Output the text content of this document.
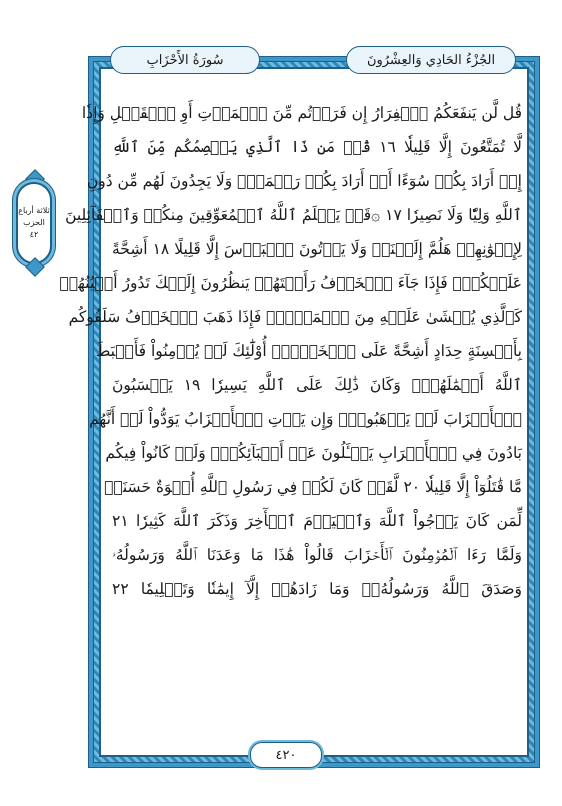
سُورَةُ الأَحْزَابِ	الجُزْءُ الحَادِي وَالعِشْرُونَ
ثلاثة أرباع
الحزب
٤٢
قُل لَّن يَنفَعَكُمُ ٱلۡفِرَارُ إِن فَرَرۡتُم مِّنَ ٱلۡمَوۡتِ أَوِ ٱلۡقَتۡلِ وَإِذٗا
لَّا تُمَتَّعُونَ إِلَّا قَلِيلٗا ١٦ قُلۡ مَن ذَا ٱلَّذِي يَعۡصِمُكُم مِّنَ ٱللَّهِ
إِنۡ أَرَادَ بِكُمۡ سُوٓءًا أَوۡ أَرَادَ بِكُمۡ رَحۡمَةٗۚ وَلَا يَجِدُونَ لَهُم مِّن دُونِ
ٱللَّهِ وَلِيّٗا وَلَا نَصِيرٗا ١٧ ۞قَدۡ يَعۡلَمُ ٱللَّهُ ٱلۡمُعَوِّقِينَ مِنكُمۡ وَٱلۡقَآئِلِينَ
لِإِخۡوَٰنِهِمۡ هَلُمَّ إِلَيۡنَاۖ وَلَا يَأۡتُونَ ٱلۡبَأۡسَ إِلَّا قَلِيلًا ١٨ أَشِحَّةً
عَلَيۡكُمۡۖ فَإِذَا جَآءَ ٱلۡخَوۡفُ رَأَيۡتَهُمۡ يَنظُرُونَ إِلَيۡكَ تَدُورُ أَعۡيُنُهُمۡ
كَٱلَّذِي يُغۡشَىٰ عَلَيۡهِ مِنَ ٱلۡمَوۡتِۖ فَإِذَا ذَهَبَ ٱلۡخَوۡفُ سَلَقُوكُم
بِأَلۡسِنَةٍ حِدَادٍ أَشِحَّةً عَلَى ٱلۡخَيۡرِۚ أُوْلَٰٓئِكَ لَمۡ يُؤۡمِنُواْ فَأَحۡبَطَ
ٱللَّهُ أَعۡمَٰلَهُمۡۚ وَكَانَ ذَٰلِكَ عَلَى ٱللَّهِ يَسِيرٗا ١٩ يَحۡسَبُونَ
ٱلۡأَحۡزَابَ لَمۡ يَذۡهَبُواْۖ وَإِن يَأۡتِ ٱلۡأَحۡزَابُ يَوَدُّواْ لَوۡ أَنَّهُم
بَادُونَ فِي ٱلۡأَعۡرَابِ يَسۡـَٔلُونَ عَنۡ أَنۢبَآئِكُمۡۖ وَلَوۡ كَانُواْ فِيكُم
مَّا قَٰتَلُوٓاْ إِلَّا قَلِيلٗا ٢٠ لَّقَدۡ كَانَ لَكُمۡ فِي رَسُولِ ٱللَّهِ أُسۡوَةٌ حَسَنَةٞ
لِّمَن كَانَ يَرۡجُواْ ٱللَّهَ وَٱلۡيَوۡمَ ٱلۡأٓخِرَ وَذَكَرَ ٱللَّهَ كَثِيرٗا ٢١
وَلَمَّا رَءَا ٱلۡمُؤۡمِنُونَ ٱلۡأَحۡزَابَ قَالُواْ هَٰذَا مَا وَعَدَنَا ٱللَّهُ وَرَسُولُهُۥ
وَصَدَقَ ٱللَّهُ وَرَسُولُهُۥۚ وَمَا زَادَهُمۡ إِلَّآ إِيمَٰنٗا وَتَسۡلِيمٗا ٢٢
٤٢٠
